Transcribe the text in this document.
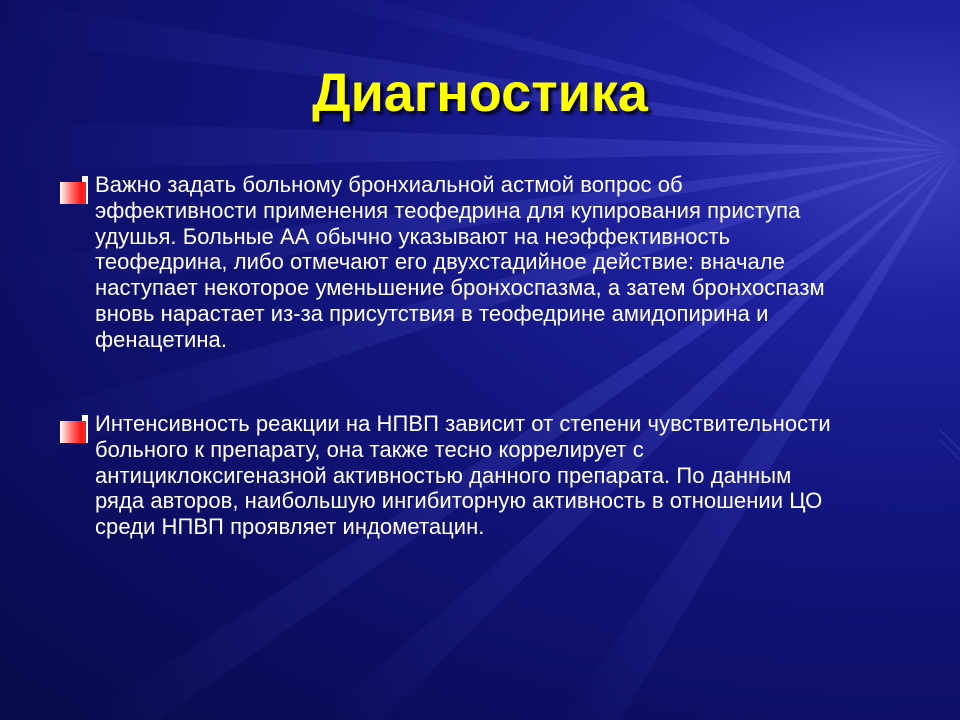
Диагностика
Важно задать больному бронхиальной астмой вопрос об эффективности применения теофедрина для купирования приступа удушья. Больные АА обычно указывают на неэффективность теофедрина, либо отмечают его двухстадийное действие: вначале наступает некоторое уменьшение бронхоспазма, а затем бронхоспазм вновь нарастает из-за присутствия в теофедрине амидопирина и фенацетина.
Интенсивность реакции на НПВП зависит от степени чувствительности больного к препарату, она также тесно коррелирует с антициклоксигеназной активностью данного препарата. По данным ряда авторов, наибольшую ингибиторную активность в отношении ЦО среди НПВП проявляет индометацин.
